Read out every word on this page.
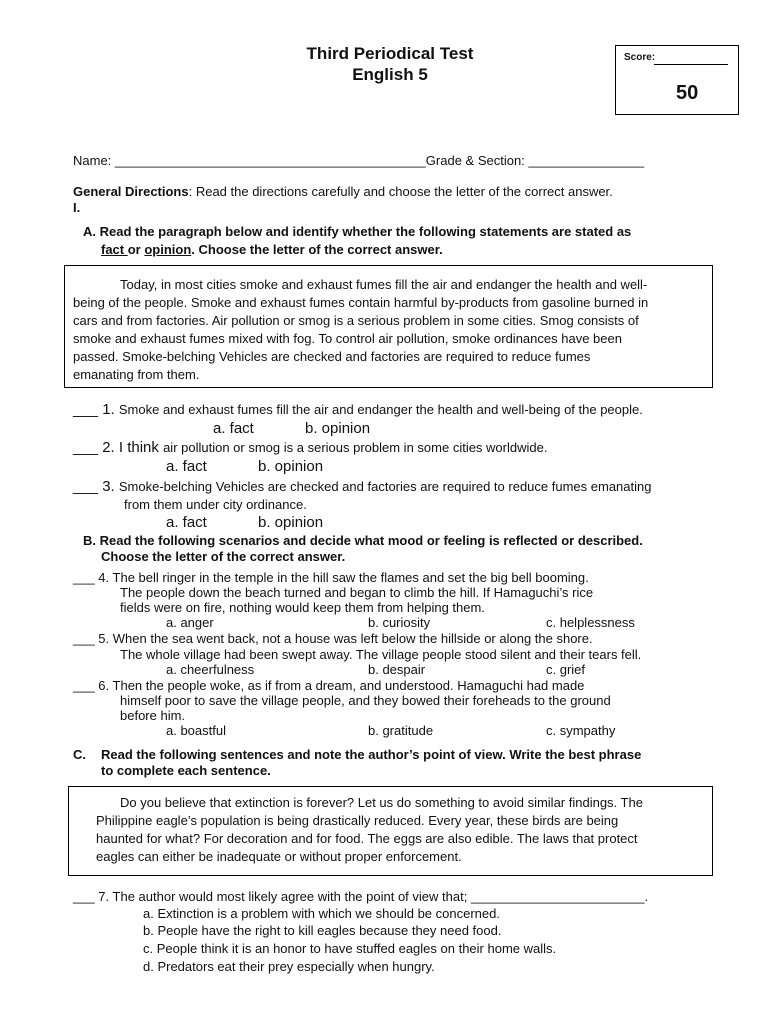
Third Periodical Test
English 5
Score:
50
Name: ___________________________________________Grade & Section: ________________
General Directions: Read the directions carefully and choose the letter of the correct answer.
I.
A. Read the paragraph below and identify whether the following statements are stated as
fact or opinion. Choose the letter of the correct answer.
Today, in most cities smoke and exhaust fumes fill the air and endanger the health and well-
being of the people. Smoke and exhaust fumes contain harmful by-products from gasoline burned in
cars and from factories. Air pollution or smog is a serious problem in some cities. Smog consists of
smoke and exhaust fumes mixed with fog. To control air pollution, smoke ordinances have been
passed. Smoke-belching Vehicles are checked and factories are required to reduce fumes
emanating from them.
___ 1. Smoke and exhaust fumes fill the air and endanger the health and well-being of the people.
a. fact	b. opinion
___ 2. I think air pollution or smog is a serious problem in some cities worldwide.
a. fact	b. opinion
___ 3. Smoke-belching Vehicles are checked and factories are required to reduce fumes emanating
from them under city ordinance.
a. fact	b. opinion
B. Read the following scenarios and decide what mood or feeling is reflected or described.
Choose the letter of the correct answer.
___ 4. The bell ringer in the temple in the hill saw the flames and set the big bell booming.
The people down the beach turned and began to climb the hill. If Hamaguchi’s rice
fields were on fire, nothing would keep them from helping them.
a. anger	b. curiosity	c. helplessness
___ 5. When the sea went back, not a house was left below the hillside or along the shore.
The whole village had been swept away. The village people stood silent and their tears fell.
a. cheerfulness	b. despair	c. grief
___ 6. Then the people woke, as if from a dream, and understood. Hamaguchi had made
himself poor to save the village people, and they bowed their foreheads to the ground
before him.
a. boastful	b. gratitude	c. sympathy
C. Read the following sentences and note the author’s point of view. Write the best phrase
to complete each sentence.
Do you believe that extinction is forever? Let us do something to avoid similar findings. The
Philippine eagle’s population is being drastically reduced. Every year, these birds are being
haunted for what? For decoration and for food. The eggs are also edible. The laws that protect
eagles can either be inadequate or without proper enforcement.
___ 7. The author would most likely agree with the point of view that; ________________________.
a. Extinction is a problem with which we should be concerned.
b. People have the right to kill eagles because they need food.
c. People think it is an honor to have stuffed eagles on their home walls.
d. Predators eat their prey especially when hungry.
